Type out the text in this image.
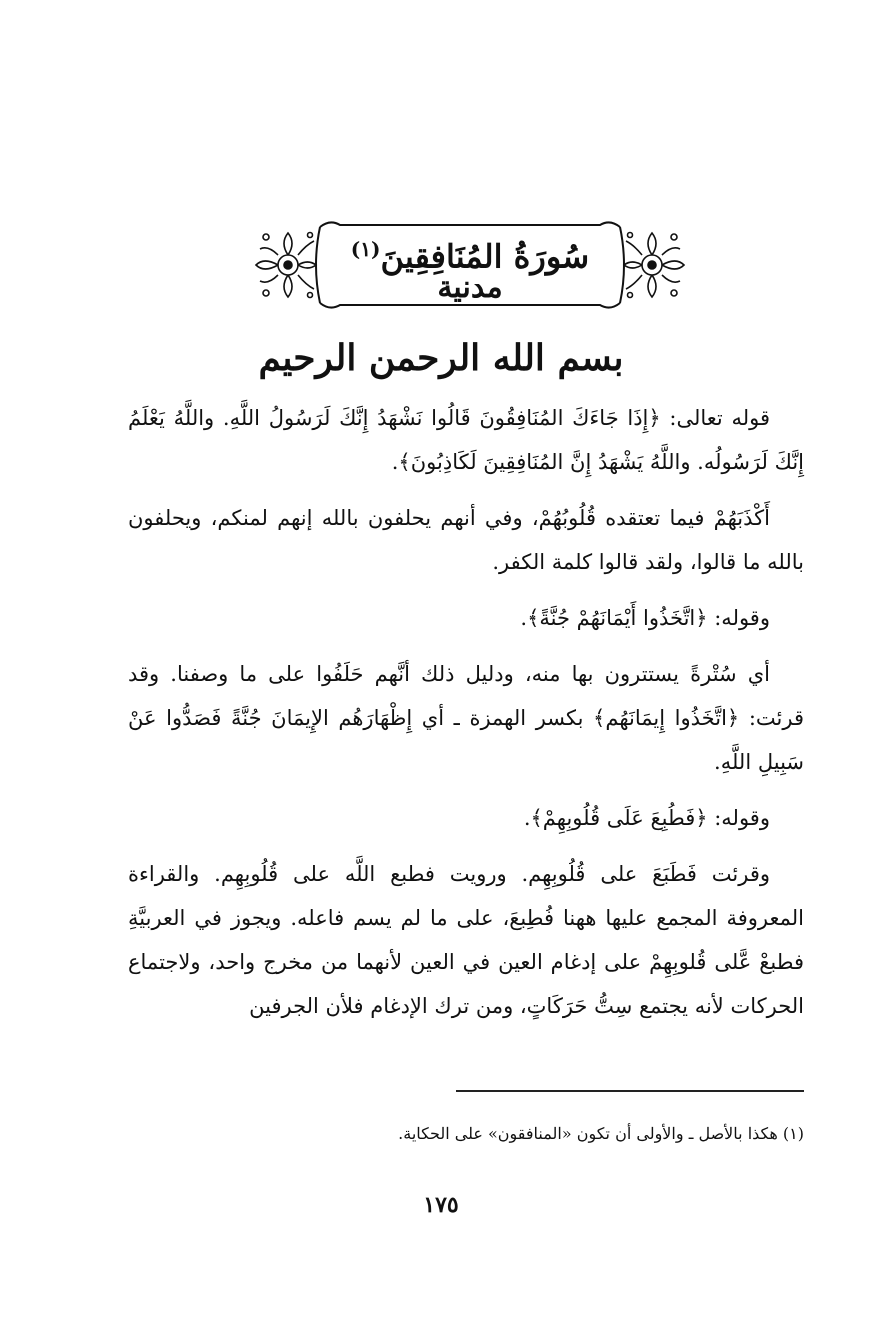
سُورَةُ المُنَافِقِينَ$^{(١)}$
مدنية
بسم الله الرحمن الرحيم

قوله تعالى: ﴿إِذَا جَاءَكَ المُنَافِقُونَ قَالُوا نَشْهَدُ إِنَّكَ لَرَسُولُ اللَّهِ. واللَّهُ يَعْلَمُ إِنَّكَ لَرَسُولُه. واللَّهُ يَشْهَدُ إِنَّ المُنَافِقِينَ لَكَاذِبُونَ﴾.

أَكْذَبَهُمْ فيما تعتقده قُلُوبُهُمْ، وفي أنهم يحلفون بالله إنهم لمنكم، ويحلفون بالله ما قالوا، ولقد قالوا كلمة الكفر.

وقوله: ﴿اتَّخَذُوا أَيْمَانَهُمْ جُنَّةً﴾.

أي سُتْرةً يستترون بها منه، ودليل ذلك أنَّهم حَلَفُوا على ما وصفنا. وقد قرئت: ﴿اتَّخَذُوا إِيمَانَهُم﴾ بكسر الهمزة ـ أي إِظْهَارَهُم الإِيمَانَ جُنَّةً فَصَدُّوا عَنْ سَبِيلِ اللَّهِ.

وقوله: ﴿فَطُبِعَ عَلَى قُلُوبِهِمْ﴾.

وقرئت فَطَبَعَ على قُلُوبِهِم. ورويت فطبع اللَّه على قُلُوبِهِم. والقراءة المعروفة المجمع عليها ههنا فُطِبعَ، على ما لم يسم فاعله. ويجوز في العربيَّةِ فطبعْ عَّلى قُلوبِهِمْ على إدغام العين في العين لأنهما من مخرج واحد، ولاجتماع الحركات لأنه يجتمع سِتُّ حَرَكَاتٍ، ومن ترك الإدغام فلأن الجرفين

(١) هكذا بالأصل ـ والأولى أن تكون «المنافقون» على الحكاية.
١٧٥
